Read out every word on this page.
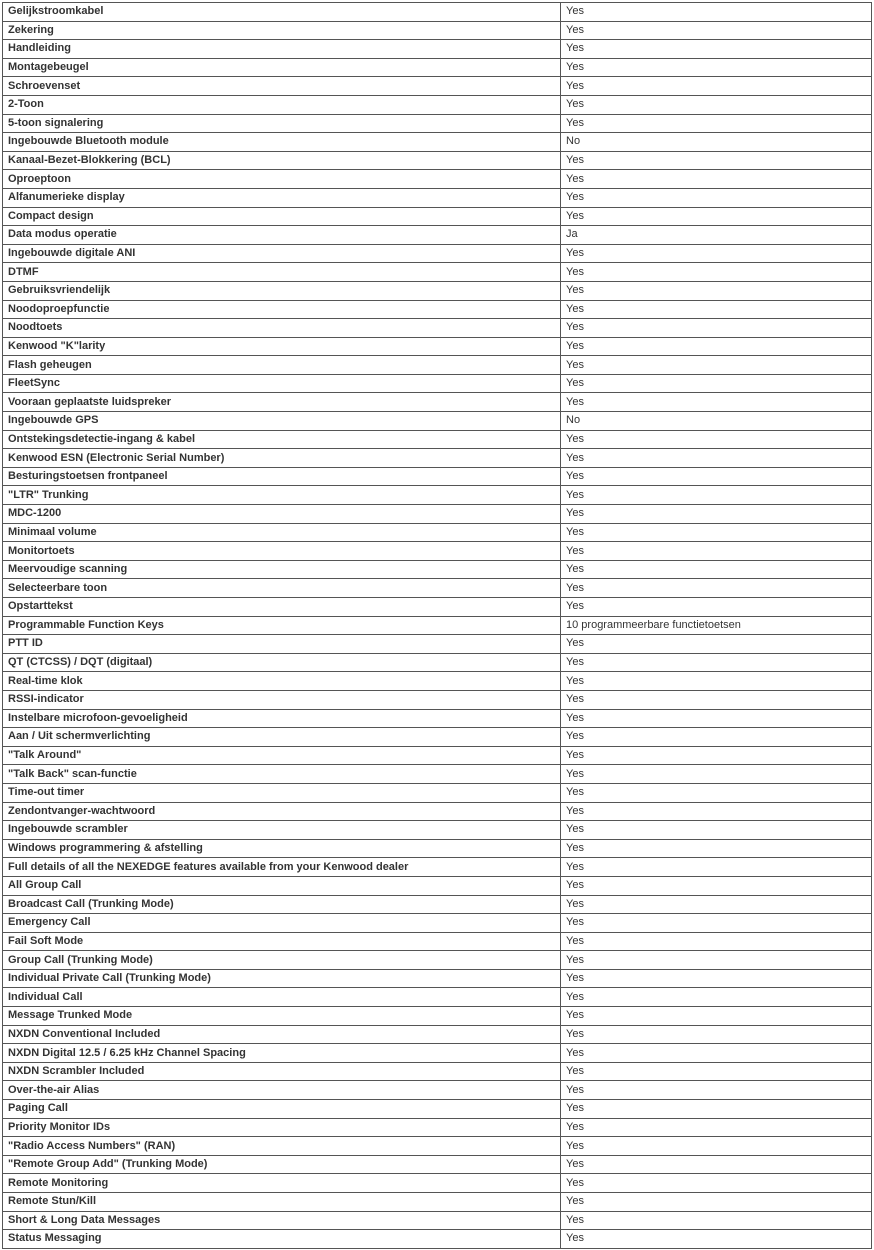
Gelijkstroomkabel	Yes
Zekering	Yes
Handleiding	Yes
Montagebeugel	Yes
Schroevenset	Yes
2-Toon	Yes
5-toon signalering	Yes
Ingebouwde Bluetooth module	No
Kanaal-Bezet-Blokkering (BCL)	Yes
Oproeptoon	Yes
Alfanumerieke display	Yes
Compact design	Yes
Data modus operatie	Ja
Ingebouwde digitale ANI	Yes
DTMF	Yes
Gebruiksvriendelijk	Yes
Noodoproepfunctie	Yes
Noodtoets	Yes
Kenwood "K"larity	Yes
Flash geheugen	Yes
FleetSync	Yes
Vooraan geplaatste luidspreker	Yes
Ingebouwde GPS	No
Ontstekingsdetectie-ingang & kabel	Yes
Kenwood ESN (Electronic Serial Number)	Yes
Besturingstoetsen frontpaneel	Yes
"LTR" Trunking	Yes
MDC-1200	Yes
Minimaal volume	Yes
Monitortoets	Yes
Meervoudige scanning	Yes
Selecteerbare toon	Yes
Opstarttekst	Yes
Programmable Function Keys	10 programmeerbare functietoetsen
PTT ID	Yes
QT (CTCSS) / DQT (digitaal)	Yes
Real-time klok	Yes
RSSI-indicator	Yes
Instelbare microfoon-gevoeligheid	Yes
Aan / Uit schermverlichting	Yes
"Talk Around"	Yes
"Talk Back" scan-functie	Yes
Time-out timer	Yes
Zendontvanger-wachtwoord	Yes
Ingebouwde scrambler	Yes
Windows programmering & afstelling	Yes
Full details of all the NEXEDGE features available from your Kenwood dealer	Yes
All Group Call	Yes
Broadcast Call (Trunking Mode)	Yes
Emergency Call	Yes
Fail Soft Mode	Yes
Group Call (Trunking Mode)	Yes
Individual Private Call (Trunking Mode)	Yes
Individual Call	Yes
Message Trunked Mode	Yes
NXDN Conventional Included	Yes
NXDN Digital 12.5 / 6.25 kHz Channel Spacing	Yes
NXDN Scrambler Included	Yes
Over-the-air Alias	Yes
Paging Call	Yes
Priority Monitor IDs	Yes
"Radio Access Numbers" (RAN)	Yes
"Remote Group Add" (Trunking Mode)	Yes
Remote Monitoring	Yes
Remote Stun/Kill	Yes
Short & Long Data Messages	Yes
Status Messaging	Yes
